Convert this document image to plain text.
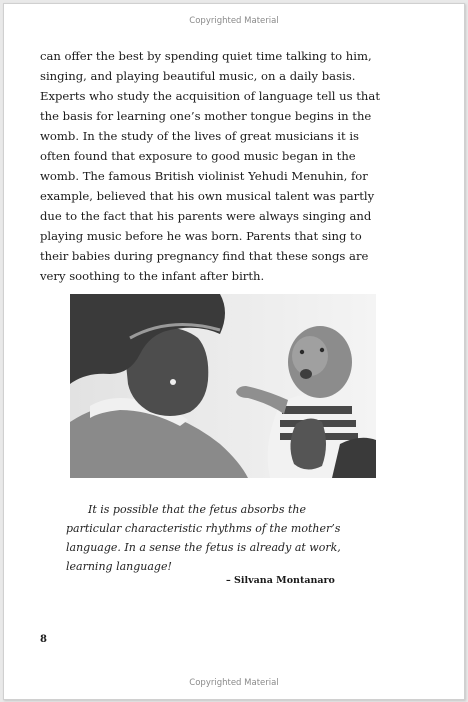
Copyrighted Material

can offer the best by spending quiet time talking to him, singing, and playing beautiful music, on a daily basis. Experts who study the acquisition of language tell us that the basis for learning one’s mother tongue begins in the womb. In the study of the lives of great musicians it is often found that exposure to good music began in the womb. The famous British violinist Yehudi Menuhin, for example, believed that his own musical talent was partly due to the fact that his parents were always singing and playing music before he was born. Parents that sing to their babies during pregnancy find that these songs are very soothing to the infant after birth.

It is possible that the fetus absorbs the
particular characteristic rhythms of the mother’s
language. In a sense the fetus is already at work,
learning language!
– Silvana Montanaro
8
Copyrighted Material
